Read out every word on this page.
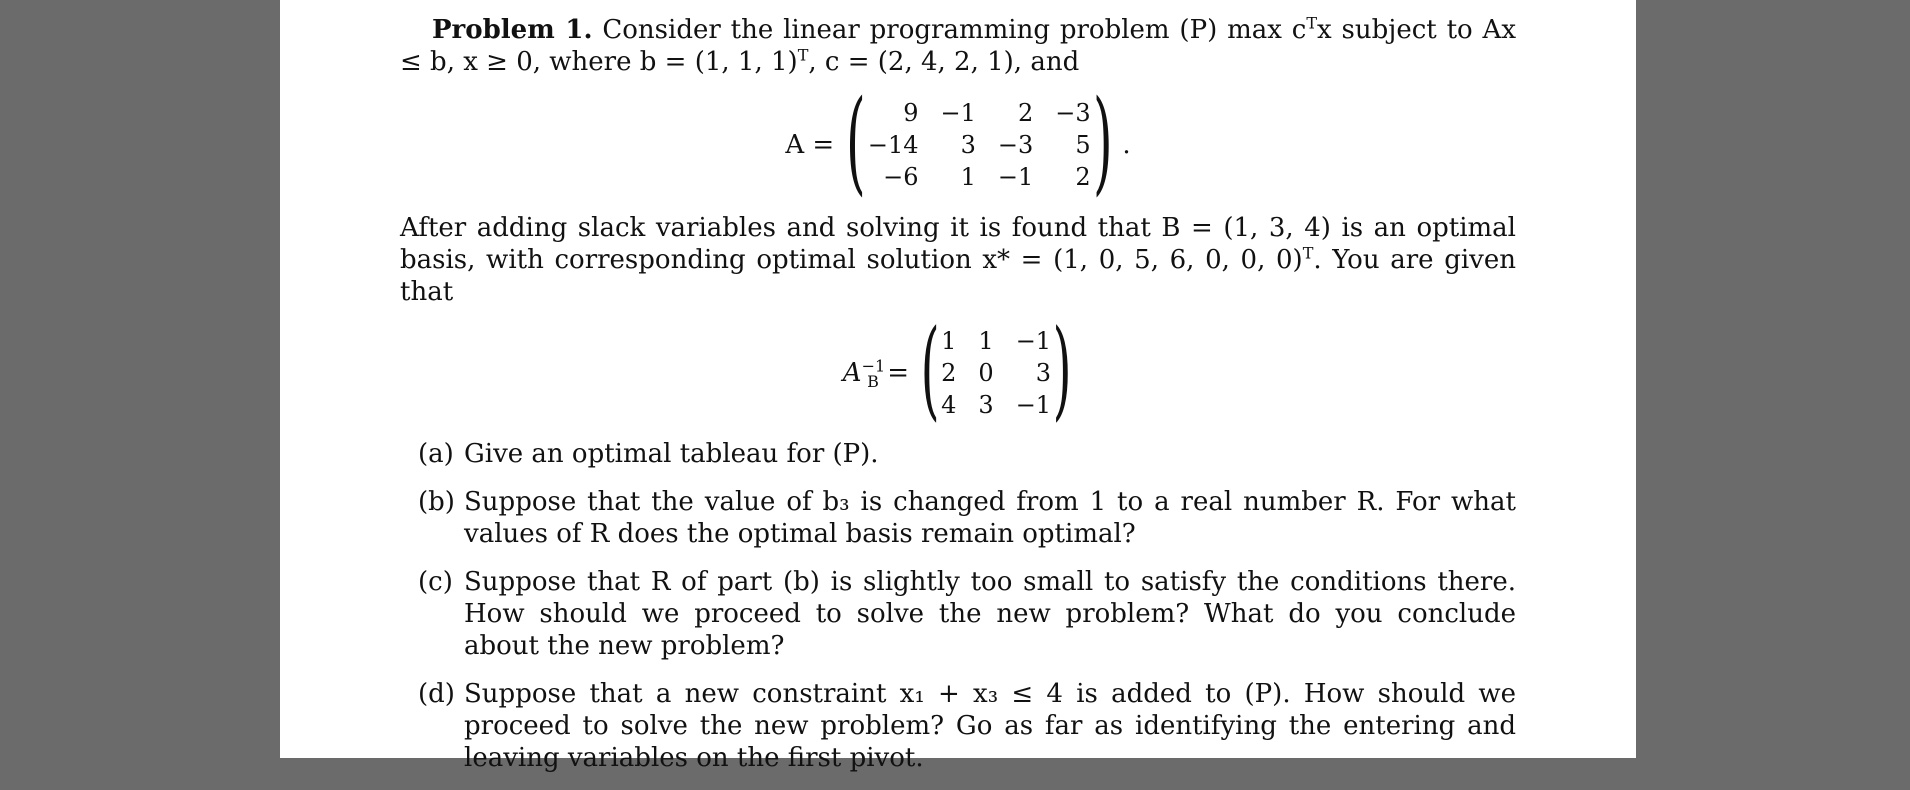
Problem 1. Consider the linear programming problem (P) $\max c^Tx$ subject to Ax ≤ b, x ≥ 0, where b = (1, 1, 1)$^T$, c = (2, 4, 2, 1), and

A = (	9 −1	2 −3
−14	3 −3	5
−6	1 −1	2 ) .

After adding slack variables and solving it is found that B = (1, 3, 4) is an optimal basis, with corresponding optimal solution x* = (1, 0, 5, 6, 0, 0, 0)$^T$. You are given that

$A^{-1}_B$ = ( 1 1 −1
2 0	3
4 3 −1 )
(a) Give an optimal tableau for (P).
(b) Suppose that the value of b₃ is changed from 1 to a real number R. For what values of R does the optimal basis remain optimal?
(c) Suppose that R of part (b) is slightly too small to satisfy the conditions there. How should we proceed to solve the new problem? What do you conclude about the new problem?
(d) Suppose that a new constraint x₁ + x₃ ≤ 4 is added to (P). How should we proceed to solve the new problem? Go as far as identifying the entering and leaving variables on the first pivot.
